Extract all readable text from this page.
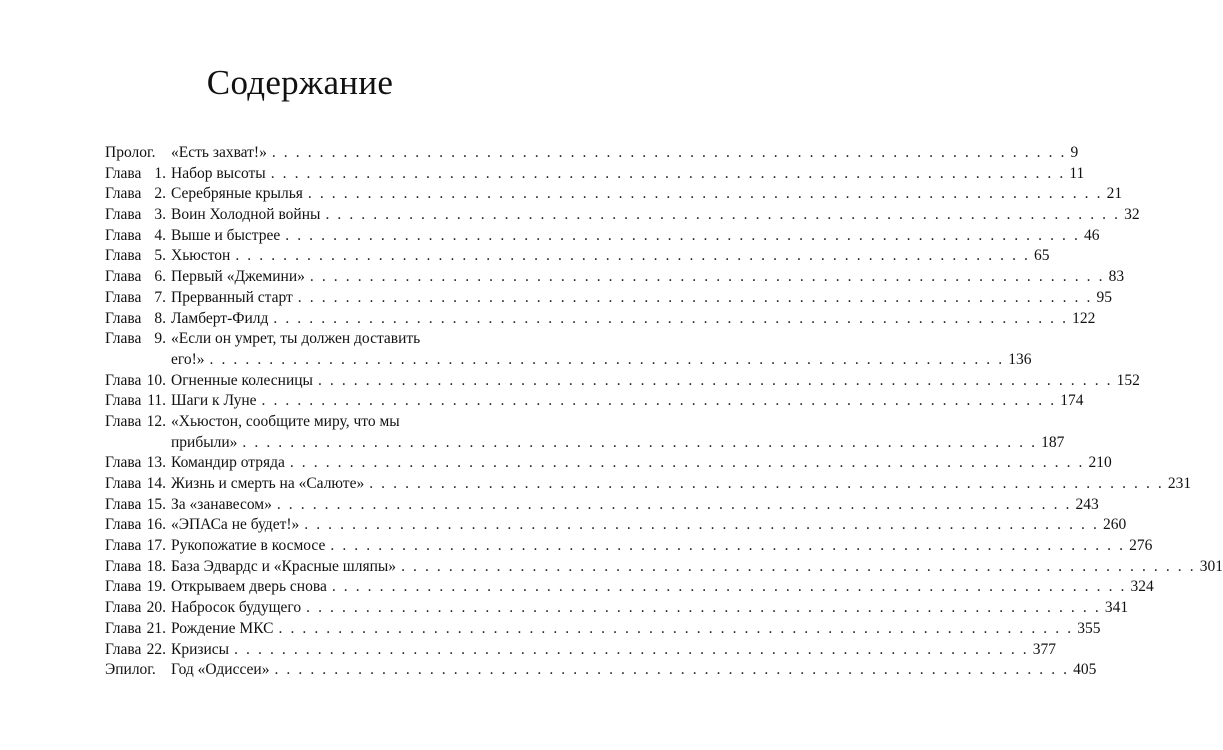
Содержание
Пролог.	«Есть захват!» . . .	9
Глава 1. Набор высоты . . .	11
Глава 2. Серебряные крылья . . .	21
Глава 3. Воин Холодной войны . . .	32
Глава 4. Выше и быстрее . . .	46
Глава 5. Хьюстон . . .	65
Глава 6. Первый «Джемини» . . .	83
Глава 7. Прерванный старт . . .	95
Глава 8. Ламберт-Филд . . .	122
Глава 9. «Если он умрет, ты должен доставить
его!» . . .	136
Глава 10. Огненные колесницы . . .	152
Глава 11. Шаги к Луне . . .	174
Глава 12. «Хьюстон, сообщите миру, что мы
прибыли» . . .	187
Глава 13. Командир отряда . . .	210
Глава 14. Жизнь и смерть на «Салюте» . . .	231
Глава 15. За «занавесом» . . .	243
Глава 16. «ЭПАСа не будет!» . . .	260
Глава 17. Рукопожатие в космосе . . .	276
Глава 18. База Эдвардс и «Красные шляпы» . . .	301
Глава 19. Открываем дверь снова . . .	324
Глава 20. Набросок будущего . . .	341
Глава 21. Рождение МКС . . .	355
Глава 22. Кризисы . . .	377
Эпилог. Год «Одиссеи» . . .	405
